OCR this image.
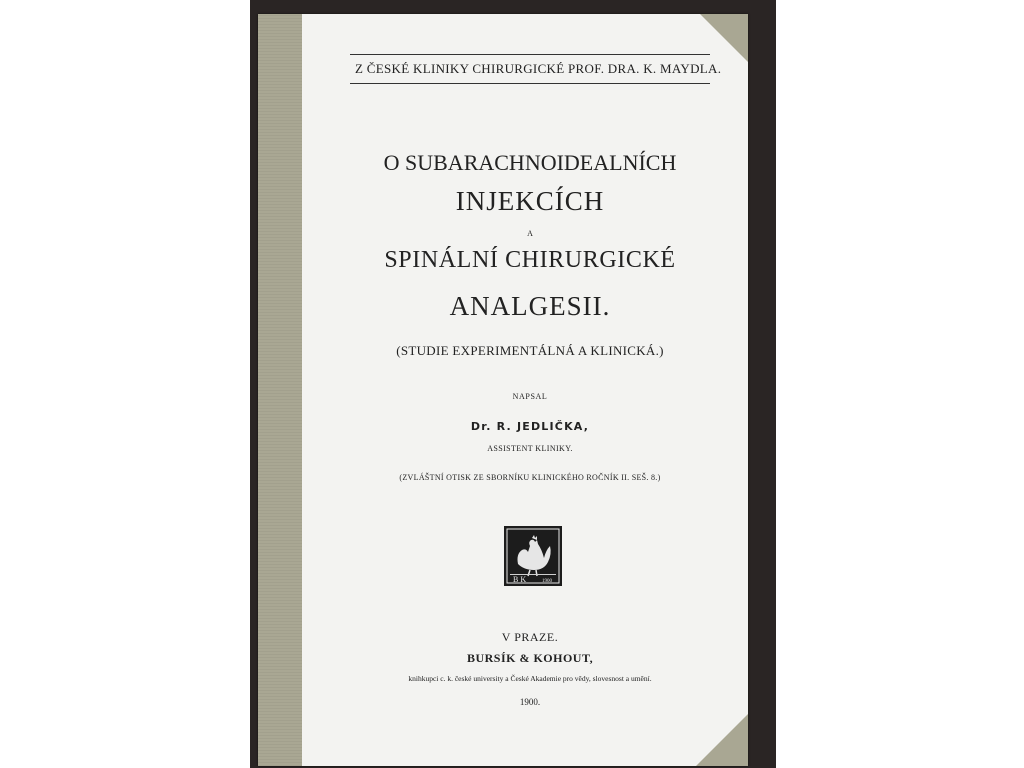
Z ČESKÉ KLINIKY CHIRURGICKÉ PROF. DRA. K. MAYDLA.
O SUBARACHNOIDEALNÍCH
INJEKCÍCH
A
SPINÁLNÍ CHIRURGICKÉ
ANALGESII.
(STUDIE EXPERIMENTÁLNÁ A KLINICKÁ.)
NAPSAL
Dr. R. JEDLIČKA,
ASSISTENT KLINIKY.
(ZVLÁŠTNÍ OTISK ZE SBORNÍKU KLINICKÉHO ROČNÍK II. SEŠ. 8.)
B K	1900
V PRAZE.
BURSÍK & KOHOUT,
knihkupci c. k. české university a České Akademie pro vědy, slovesnost a umění.
1900.
